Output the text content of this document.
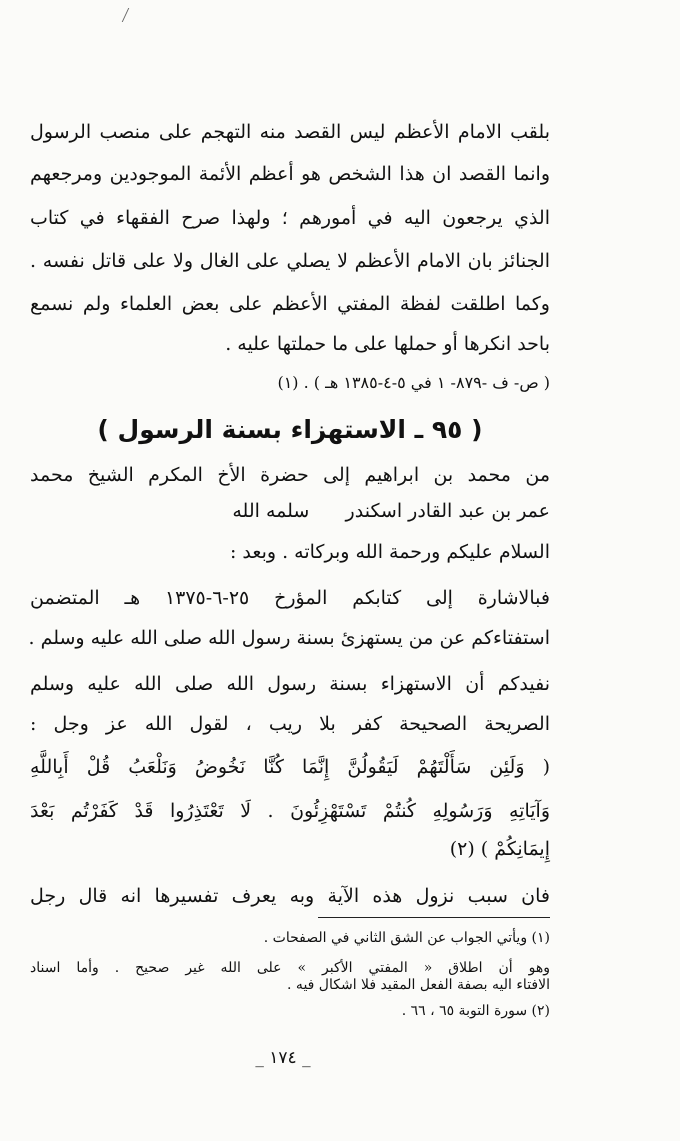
بلقب الامام الأعظم ليس القصد منه التهجم على منصب الرسول
وانما القصد ان هذا الشخص هو أعظم الأئمة الموجودين ومرجعهم
الذي يرجعون اليه في أمورهم ؛ ولهذا صرح الفقهاء في كتاب
الجنائز بان الامام الأعظم لا يصلي على الغال ولا على قاتل نفسه .
وكما اطلقت لفظة المفتي الأعظم على بعض العلماء ولم نسمع
باحد انكرها أو حملها على ما حملتها عليه .
( ص- ف -٨٧٩- ١ في ٥-٤-١٣٨٥ هـ ) . (١)
( ٩٥ ـ الاستهزاء بسنة الرسول )
من محمد بن ابراهيم إلى حضرة الأخ المكرم الشيخ محمد
عمر بن عبد القادر اسكندر      سلمه الله
السلام عليكم ورحمة الله وبركاته . وبعد :
فبالاشارة إلى كتابكم المؤرخ ٢٥-٦-١٣٧٥ هـ المتضمن
استفتاءكم عن من يستهزئ بسنة رسول الله صلى الله عليه وسلم .
نفيدكم أن الاستهزاء بسنة رسول الله صلى الله عليه وسلم
الصريحة الصحيحة كفر بلا ريب ، لقول الله عز وجل :
( وَلَئِن سَأَلْتَهُمْ لَيَقُولُنَّ إِنَّمَا كُنَّا نَخُوضُ وَنَلْعَبُ قُلْ أَبِاللَّهِ
وَآيَاتِهِ وَرَسُولِهِ كُنتُمْ تَسْتَهْزِئُونَ . لَا تَعْتَذِرُوا قَدْ كَفَرْتُم بَعْدَ
إِيمَانِكُمْ ) (٢)
فان سبب نزول هذه الآية وبه يعرف تفسيرها انه قال رجل
(١) ويأتي الجواب عن الشق الثاني في الصفحات .
وهو أن اطلاق « المفتي الأكبر » على الله غير صحيح . وأما اسناد
الافتاء اليه بصفة الفعل المقيد فلا اشكال فيه .
(٢) سورة التوبة ٦٥ ، ٦٦ .
_ ١٧٤ _
